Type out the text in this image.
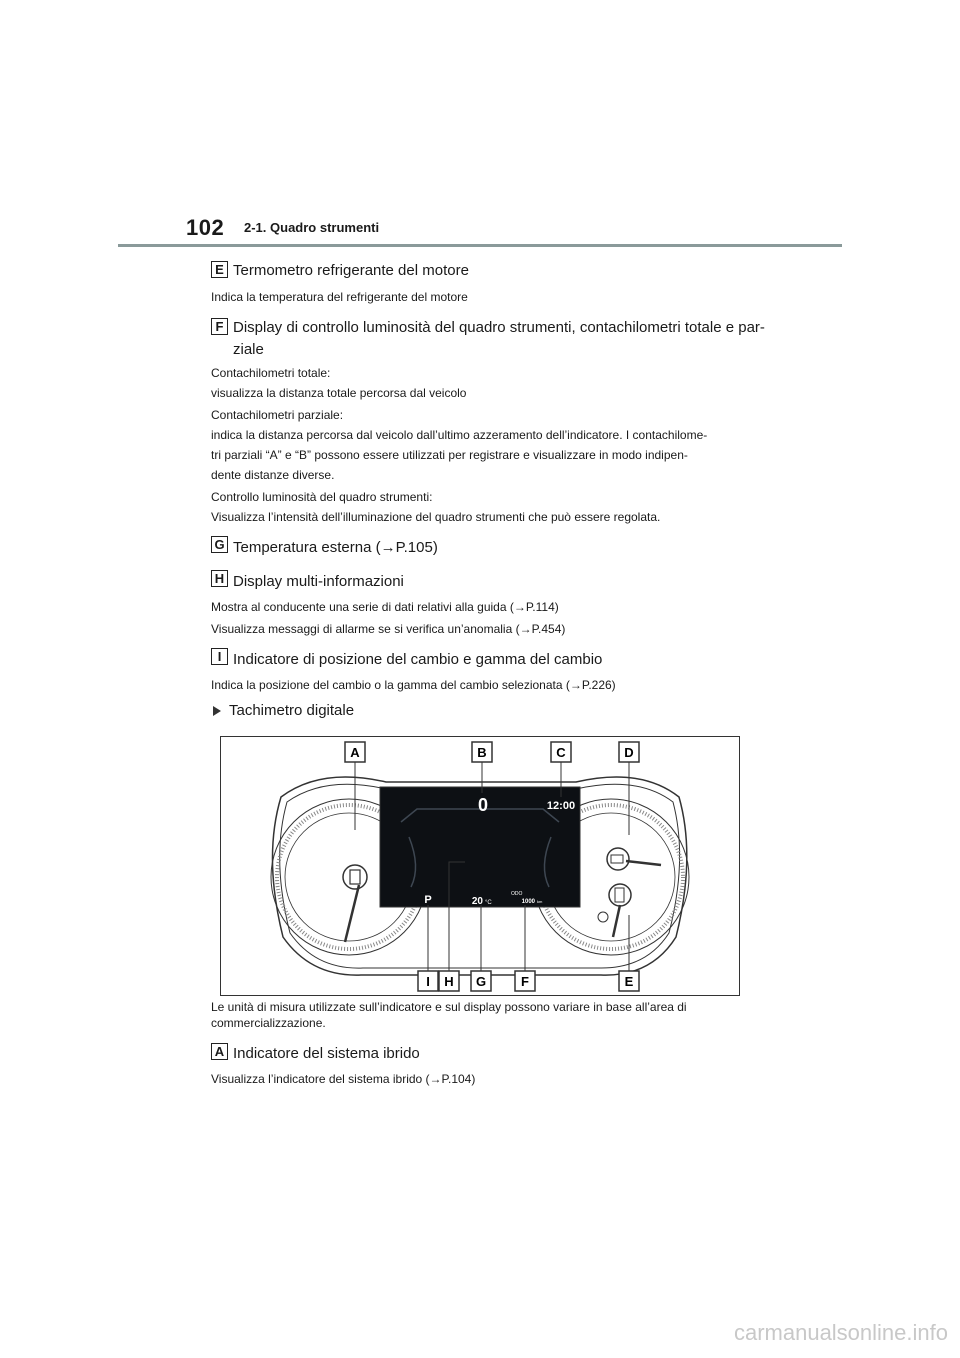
102 2-1. Quadro strumenti
E Termometro refrigerante del motore
Indica la temperatura del refrigerante del motore
F Display di controllo luminosità del quadro strumenti, contachilometri totale e par-
ziale
Contachilometri totale:
visualizza la distanza totale percorsa dal veicolo
Contachilometri parziale:
indica la distanza percorsa dal veicolo dall’ultimo azzeramento dell’indicatore. I contachilome-
tri parziali “A” e “B” possono essere utilizzati per registrare e visualizzare in modo indipen-
dente distanze diverse.
Controllo luminosità del quadro strumenti:
Visualizza l’intensità dell’illuminazione del quadro strumenti che può essere regolata.
G Temperatura esterna (→P.105)
H Display multi-informazioni
Mostra al conducente una serie di dati relativi alla guida (→P.114)
Visualizza messaggi di allarme se si verifica un’anomalia (→P.454)
I Indicatore di posizione del cambio e gamma del cambio
Indica la posizione del cambio o la gamma del cambio selezionata (→P.226)
Tachimetro digitale
0	12:00
P	20 °C
ODO
1000 km
A	B	C	D
I H G	F	E
Le unità di misura utilizzate sull’indicatore e sul display possono variare in base all’area di
commercializzazione.
A Indicatore del sistema ibrido
Visualizza l’indicatore del sistema ibrido (→P.104)
carmanualsonline.info
